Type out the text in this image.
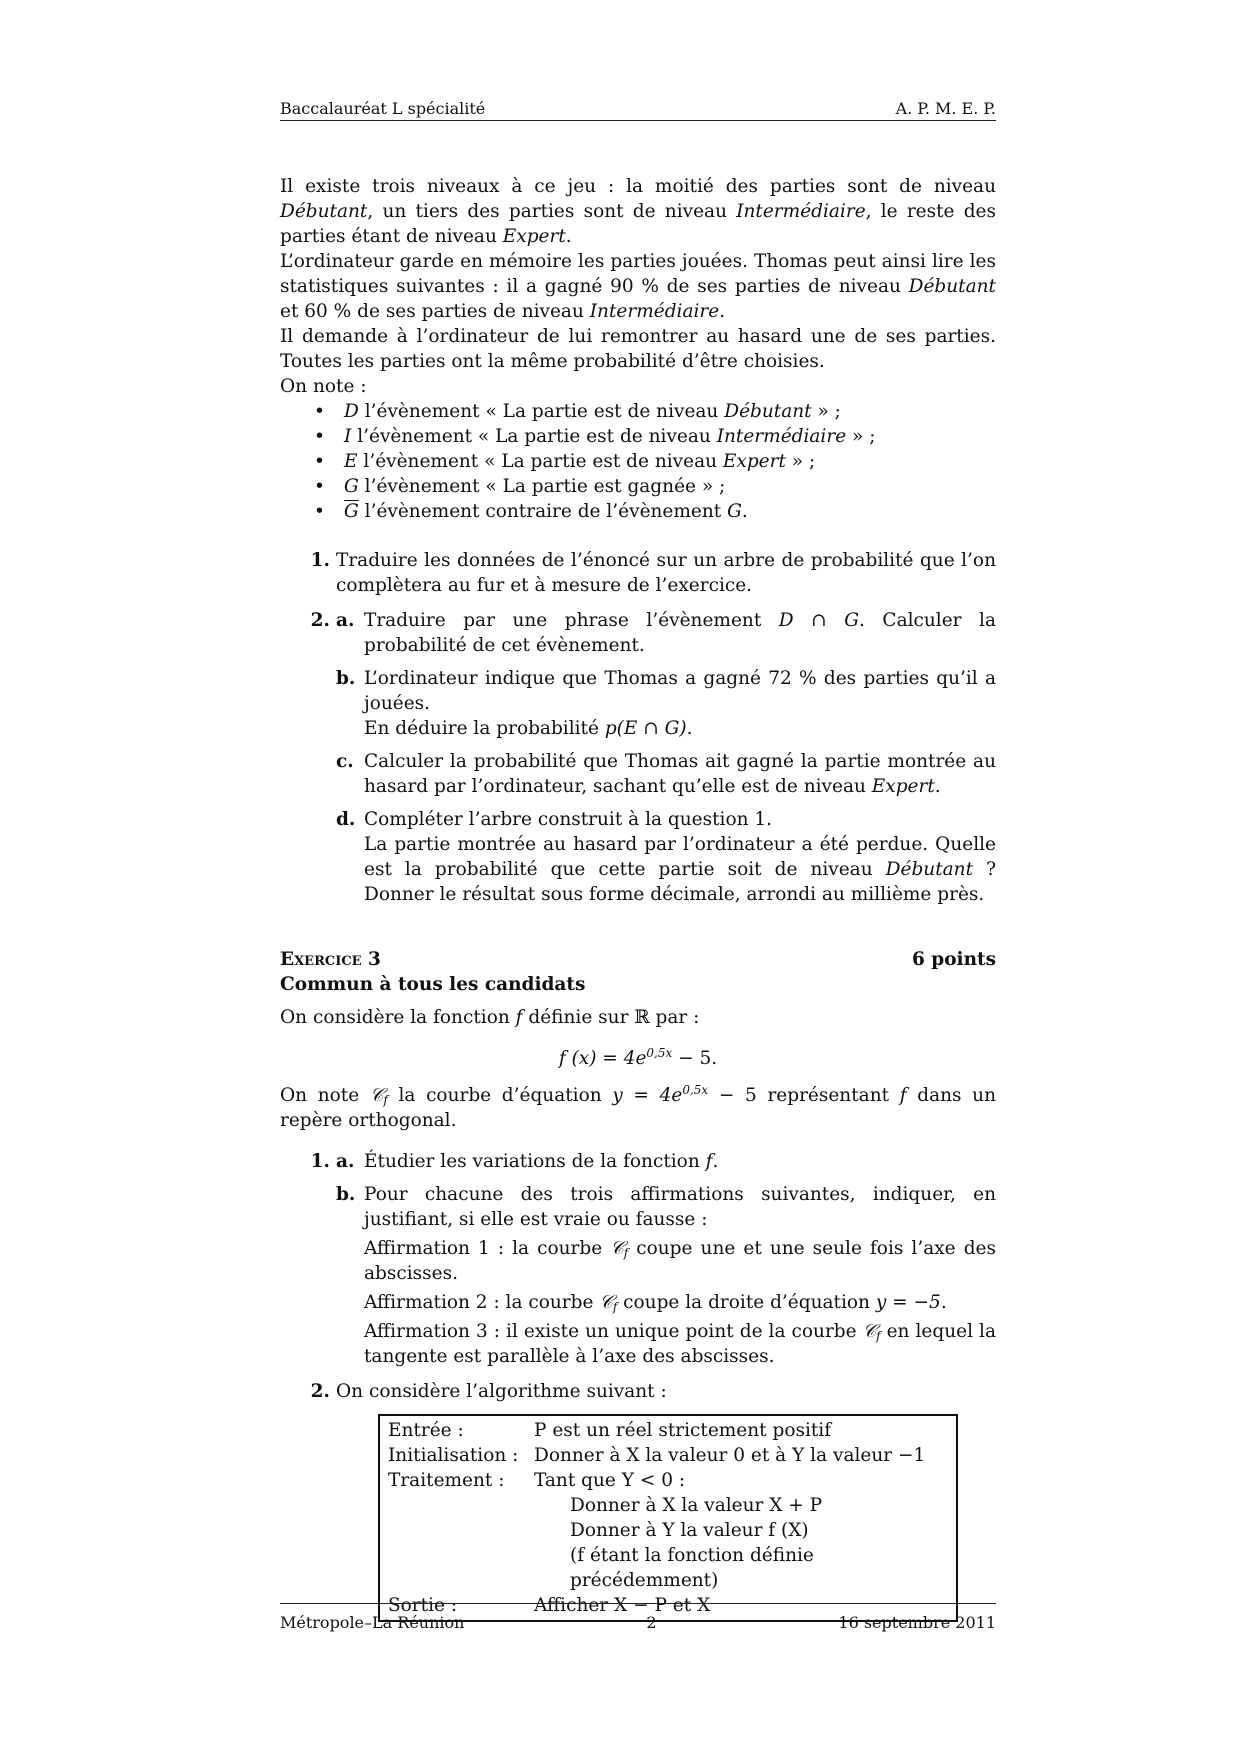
Baccalauréat L spécialité	A. P. M. E. P.

Il existe trois niveaux à ce jeu : la moitié des parties sont de niveau Débutant, un tiers des parties sont de niveau Intermédiaire, le reste des parties étant de niveau Expert.

L’ordinateur garde en mémoire les parties jouées. Thomas peut ainsi lire les statistiques suivantes : il a gagné 90 % de ses parties de niveau Débutant et 60 % de ses parties de niveau Intermédiaire.

Il demande à l’ordinateur de lui remontrer au hasard une de ses parties. Toutes les parties ont la même probabilité d’être choisies.

On note :

• D l’évènement « La partie est de niveau Débutant » ;
• I l’évènement « La partie est de niveau Intermédiaire » ;
• E l’évènement « La partie est de niveau Expert » ;
• G l’évènement « La partie est gagnée » ;
• $\overline{G}$ l’évènement contraire de l’évènement G.
1. Traduire les données de l’énoncé sur un arbre de probabilité que l’on complètera au fur et à mesure de l’exercice.
2. a. Traduire par une phrase l’évènement D ∩ G. Calculer la probabilité de cet évènement.
b. L’ordinateur indique que Thomas a gagné 72 % des parties qu’il a jouées.
En déduire la probabilité p(E ∩ G).
c. Calculer la probabilité que Thomas ait gagné la partie montrée au hasard par l’ordinateur, sachant qu’elle est de niveau Expert.
d. Compléter l’arbre construit à la question 1.
La partie montrée au hasard par l’ordinateur a été perdue. Quelle est la probabilité que cette partie soit de niveau Débutant ? Donner le résultat sous forme décimale, arrondi au millième près.
Exercice 3	6 points
Commun à tous les candidats

On considère la fonction f définie sur ℝ par :

f $(x) = 4e^{0,5x} - 5$.

On note 𝒞$_f$ la courbe d’équation $y = 4e^{0,5x} - 5$ représentant f dans un repère orthogonal.

1. a. Étudier les variations de la fonction f.
b. Pour chacune des trois affirmations suivantes, indiquer, en justifiant, si elle est vraie ou fausse :
Affirmation 1 : la courbe 𝒞$_f$ coupe une et une seule fois l’axe des abscisses.
Affirmation 2 : la courbe 𝒞$_f$ coupe la droite d’équation y = −5.
Affirmation 3 : il existe un unique point de la courbe 𝒞$_f$ en lequel la tangente est parallèle à l’axe des abscisses.
2. On considère l’algorithme suivant :
Entrée :	P est un réel strictement positif
Initialisation : Donner à X la valeur 0 et à Y la valeur −1
Traitement :	Tant que Y < 0 :
Donner à X la valeur X + P
Donner à Y la valeur f (X)
(f étant la fonction définie précédemment)
Sortie :	Afficher X − P et X
Métropole–La Réunion	2	16 septembre 2011
